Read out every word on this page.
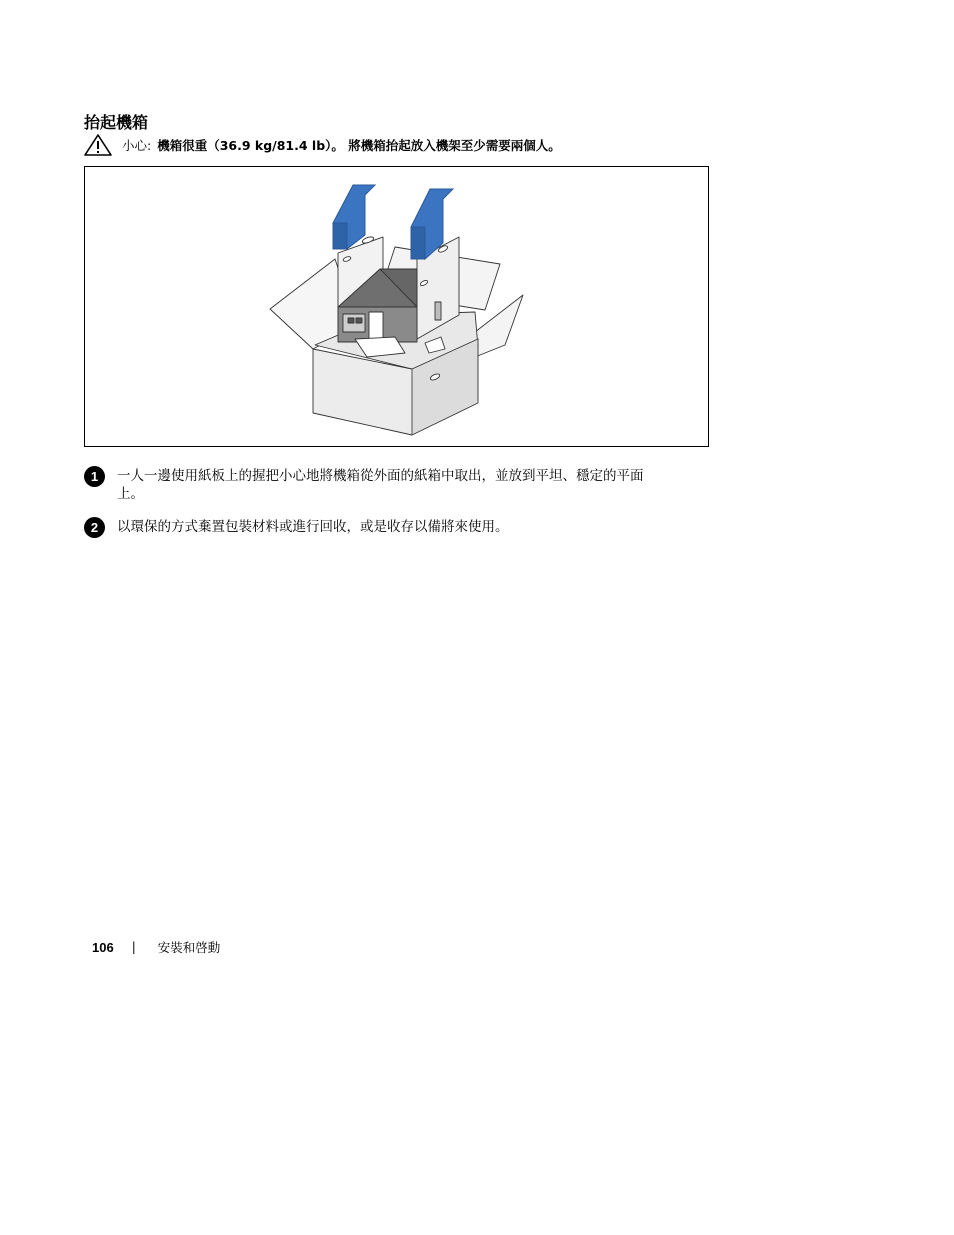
抬起機箱
小心: 機箱很重（36.9 kg/81.4 lb）。 將機箱抬起放入機架至少需要兩個人。
1	一人一邊使用紙板上的握把小心地將機箱從外面的紙箱中取出，並放到平坦、穩定的平面上。
2	以環保的方式棄置包裝材料或進行回收，或是收存以備將來使用。
106 | 安裝和啓動
